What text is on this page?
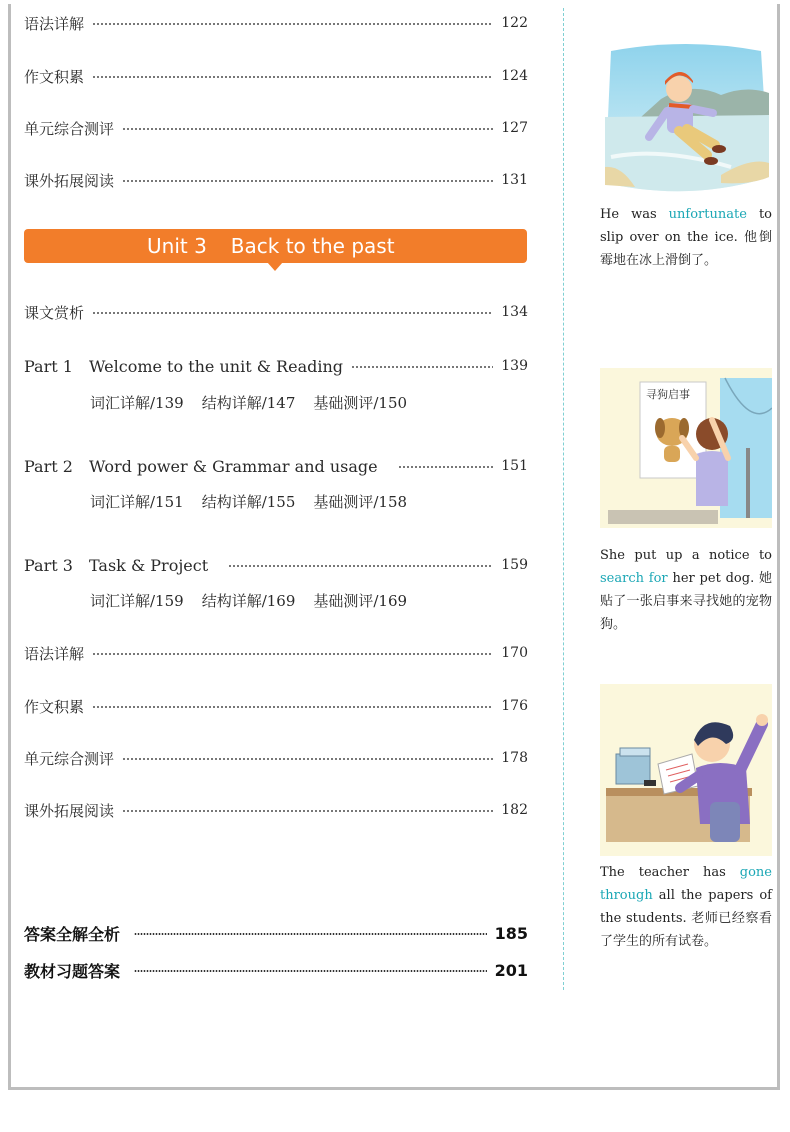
语法详解	122
作文积累	124
单元综合测评	127
课外拓展阅读	131
Unit 3 Back to the past
课文赏析	134
Part 1 Welcome to the unit & Reading	139
词汇详解/139 结构详解/147 基础测评/150
Part 2 Word power & Grammar and usage	151
词汇详解/151 结构详解/155 基础测评/158
Part 3 Task & Project	159
词汇详解/159 结构详解/169 基础测评/169
语法详解	170
作文积累	176
单元综合测评	178
课外拓展阅读	182
答案全解全析	185
教材习题答案	201
He was unfortunate to slip over on the ice. 他倒霉地在冰上滑倒了。
寻狗启事
She put up a notice to search for her pet dog. 她贴了一张启事来寻找她的宠物狗。
The teacher has gone through all the papers of the students. 老师已经察看了学生的所有试卷。
